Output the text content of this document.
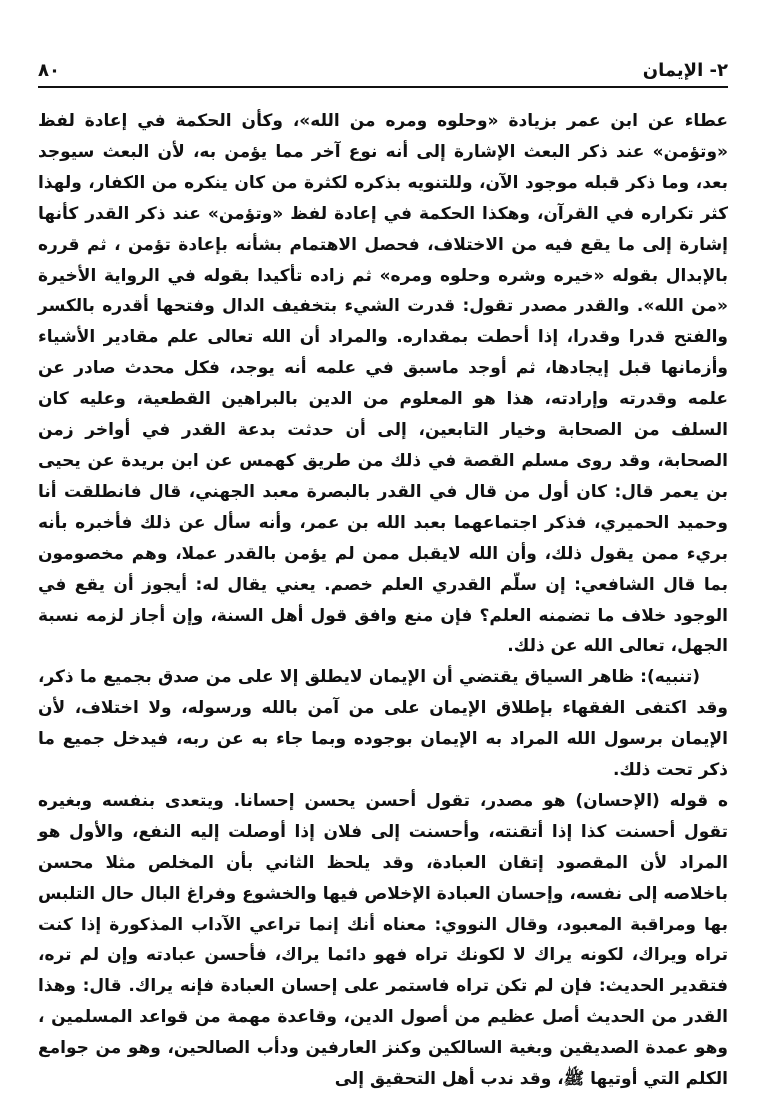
٢- الإيمان
٨٠

عطاء عن ابن عمر بزيادة «وحلوه ومره من الله»، وكأن الحكمة في إعادة لفظ «وتؤمن» عند ذكر البعث الإشارة إلى أنه نوع آخر مما يؤمن به، لأن البعث سيوجد بعد، وما ذكر قبله موجود الآن، وللتنويه بذكره لكثرة من كان ينكره من الكفار، ولهذا كثر تكراره في القرآن، وهكذا الحكمة في إعادة لفظ «وتؤمن» عند ذكر القدر كأنها إشارة إلى ما يقع فيه من الاختلاف، فحصل الاهتمام بشأنه بإعادة تؤمن ، ثم قرره بالإبدال بقوله «خيره وشره وحلوه ومره» ثم زاده تأكيدا بقوله في الرواية الأخيرة «من الله». والقدر مصدر تقول: قدرت الشيء بتخفيف الدال وفتحها أقدره بالكسر والفتح قدرا وقدرا، إذا أحطت بمقداره. والمراد أن الله تعالى علم مقادير الأشياء وأزمانها قبل إيجادها، ثم أوجد ماسبق في علمه أنه يوجد، فكل محدث صادر عن علمه وقدرته وإرادته، هذا هو المعلوم من الدين بالبراهين القطعية، وعليه كان السلف من الصحابة وخيار التابعين، إلى أن حدثت بدعة القدر في أواخر زمن الصحابة، وقد روى مسلم القصة في ذلك من طريق كهمس عن ابن بريدة عن يحيى بن يعمر قال: كان أول من قال في القدر بالبصرة معبد الجهني، قال فانطلقت أنا وحميد الحميري، فذكر اجتماعهما بعبد الله بن عمر، وأنه سأل عن ذلك فأخبره بأنه بريء ممن يقول ذلك، وأن الله لايقبل ممن لم يؤمن بالقدر عملا، وهم مخصومون بما قال الشافعي: إن سلّم القدري العلم خصم. يعني يقال له: أيجوز أن يقع في الوجود خلاف ما تضمنه العلم؟ فإن منع وافق قول أهل السنة، وإن أجاز لزمه نسبة الجهل، تعالى الله عن ذلك.

(تنبيه): ظاهر السياق يقتضي أن الإيمان لايطلق إلا على من صدق بجميع ما ذكر، وقد اكتفى الفقهاء بإطلاق الإيمان على من آمن بالله ورسوله، ولا اختلاف، لأن الإيمان برسول الله المراد به الإيمان بوجوده وبما جاء به عن ربه، فيدخل جميع ما ذكر تحت ذلك.

ه قوله (الإحسان) هو مصدر، تقول أحسن يحسن إحسانا. ويتعدى بنفسه وبغيره تقول أحسنت كذا إذا أتقنته، وأحسنت إلى فلان إذا أوصلت إليه النفع، والأول هو المراد لأن المقصود إتقان العبادة، وقد يلحظ الثاني بأن المخلص مثلا محسن باخلاصه إلى نفسه، وإحسان العبادة الإخلاص فيها والخشوع وفراغ البال حال التلبس بها ومراقبة المعبود، وقال النووي: معناه أنك إنما تراعي الآداب المذكورة إذا كنت تراه ويراك، لكونه يراك لا لكونك تراه فهو دائما يراك، فأحسن عبادته وإن لم تره، فتقدير الحديث: فإن لم تكن تراه فاستمر على إحسان العبادة فإنه يراك. قال: وهذا القدر من الحديث أصل عظيم من أصول الدين، وقاعدة مهمة من قواعد المسلمين ، وهو عمدة الصديقين وبغية السالكين وكنز العارفين ودأب الصالحين، وهو من جوامع الكلم التي أوتيها ﷺ، وقد ندب أهل التحقيق إلى
